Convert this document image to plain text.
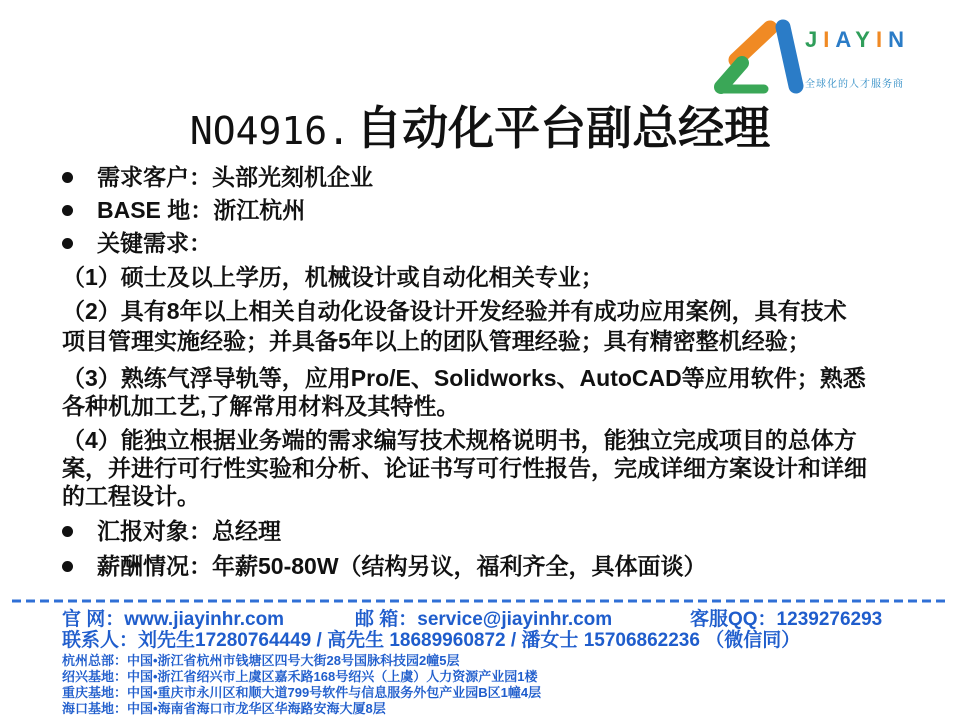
JIAYIN
全球化的人才服务商
NO4916. 自动化平台副总经理
需求客户：头部光刻机企业
BASE 地：浙江杭州
关键需求：
（1）硕士及以上学历，机械设计或自动化相关专业；
（2）具有8年以上相关自动化设备设计开发经验并有成功应用案例，具有技术
项目管理实施经验；并具备5年以上的团队管理经验；具有精密整机经验；
（3）熟练气浮导轨等，应用Pro/E、Solidworks、AutoCAD等应用软件；熟悉
各种机加工艺,了解常用材料及其特性。
（4）能独立根据业务端的需求编写技术规格说明书，能独立完成项目的总体方
案，并进行可行性实验和分析、论证书写可行性报告，完成详细方案设计和详细
的工程设计。
汇报对象：总经理
薪酬情况：年薪50-80W（结构另议，福利齐全，具体面谈）
官 网：www.jiayinhr.com	邮 箱：service@jiayinhr.com	客服QQ：1239276293
联系人：刘先生17280764449 / 高先生 18689960872 / 潘女士 15706862236 （微信同）
杭州总部：中国•浙江省杭州市钱塘区四号大街28号国脉科技园2幢5层
绍兴基地：中国•浙江省绍兴市上虞区嘉禾路168号绍兴（上虞）人力资源产业园1楼
重庆基地：中国•重庆市永川区和顺大道799号软件与信息服务外包产业园B区1幢4层
海口基地：中国•海南省海口市龙华区华海路安海大厦8层
